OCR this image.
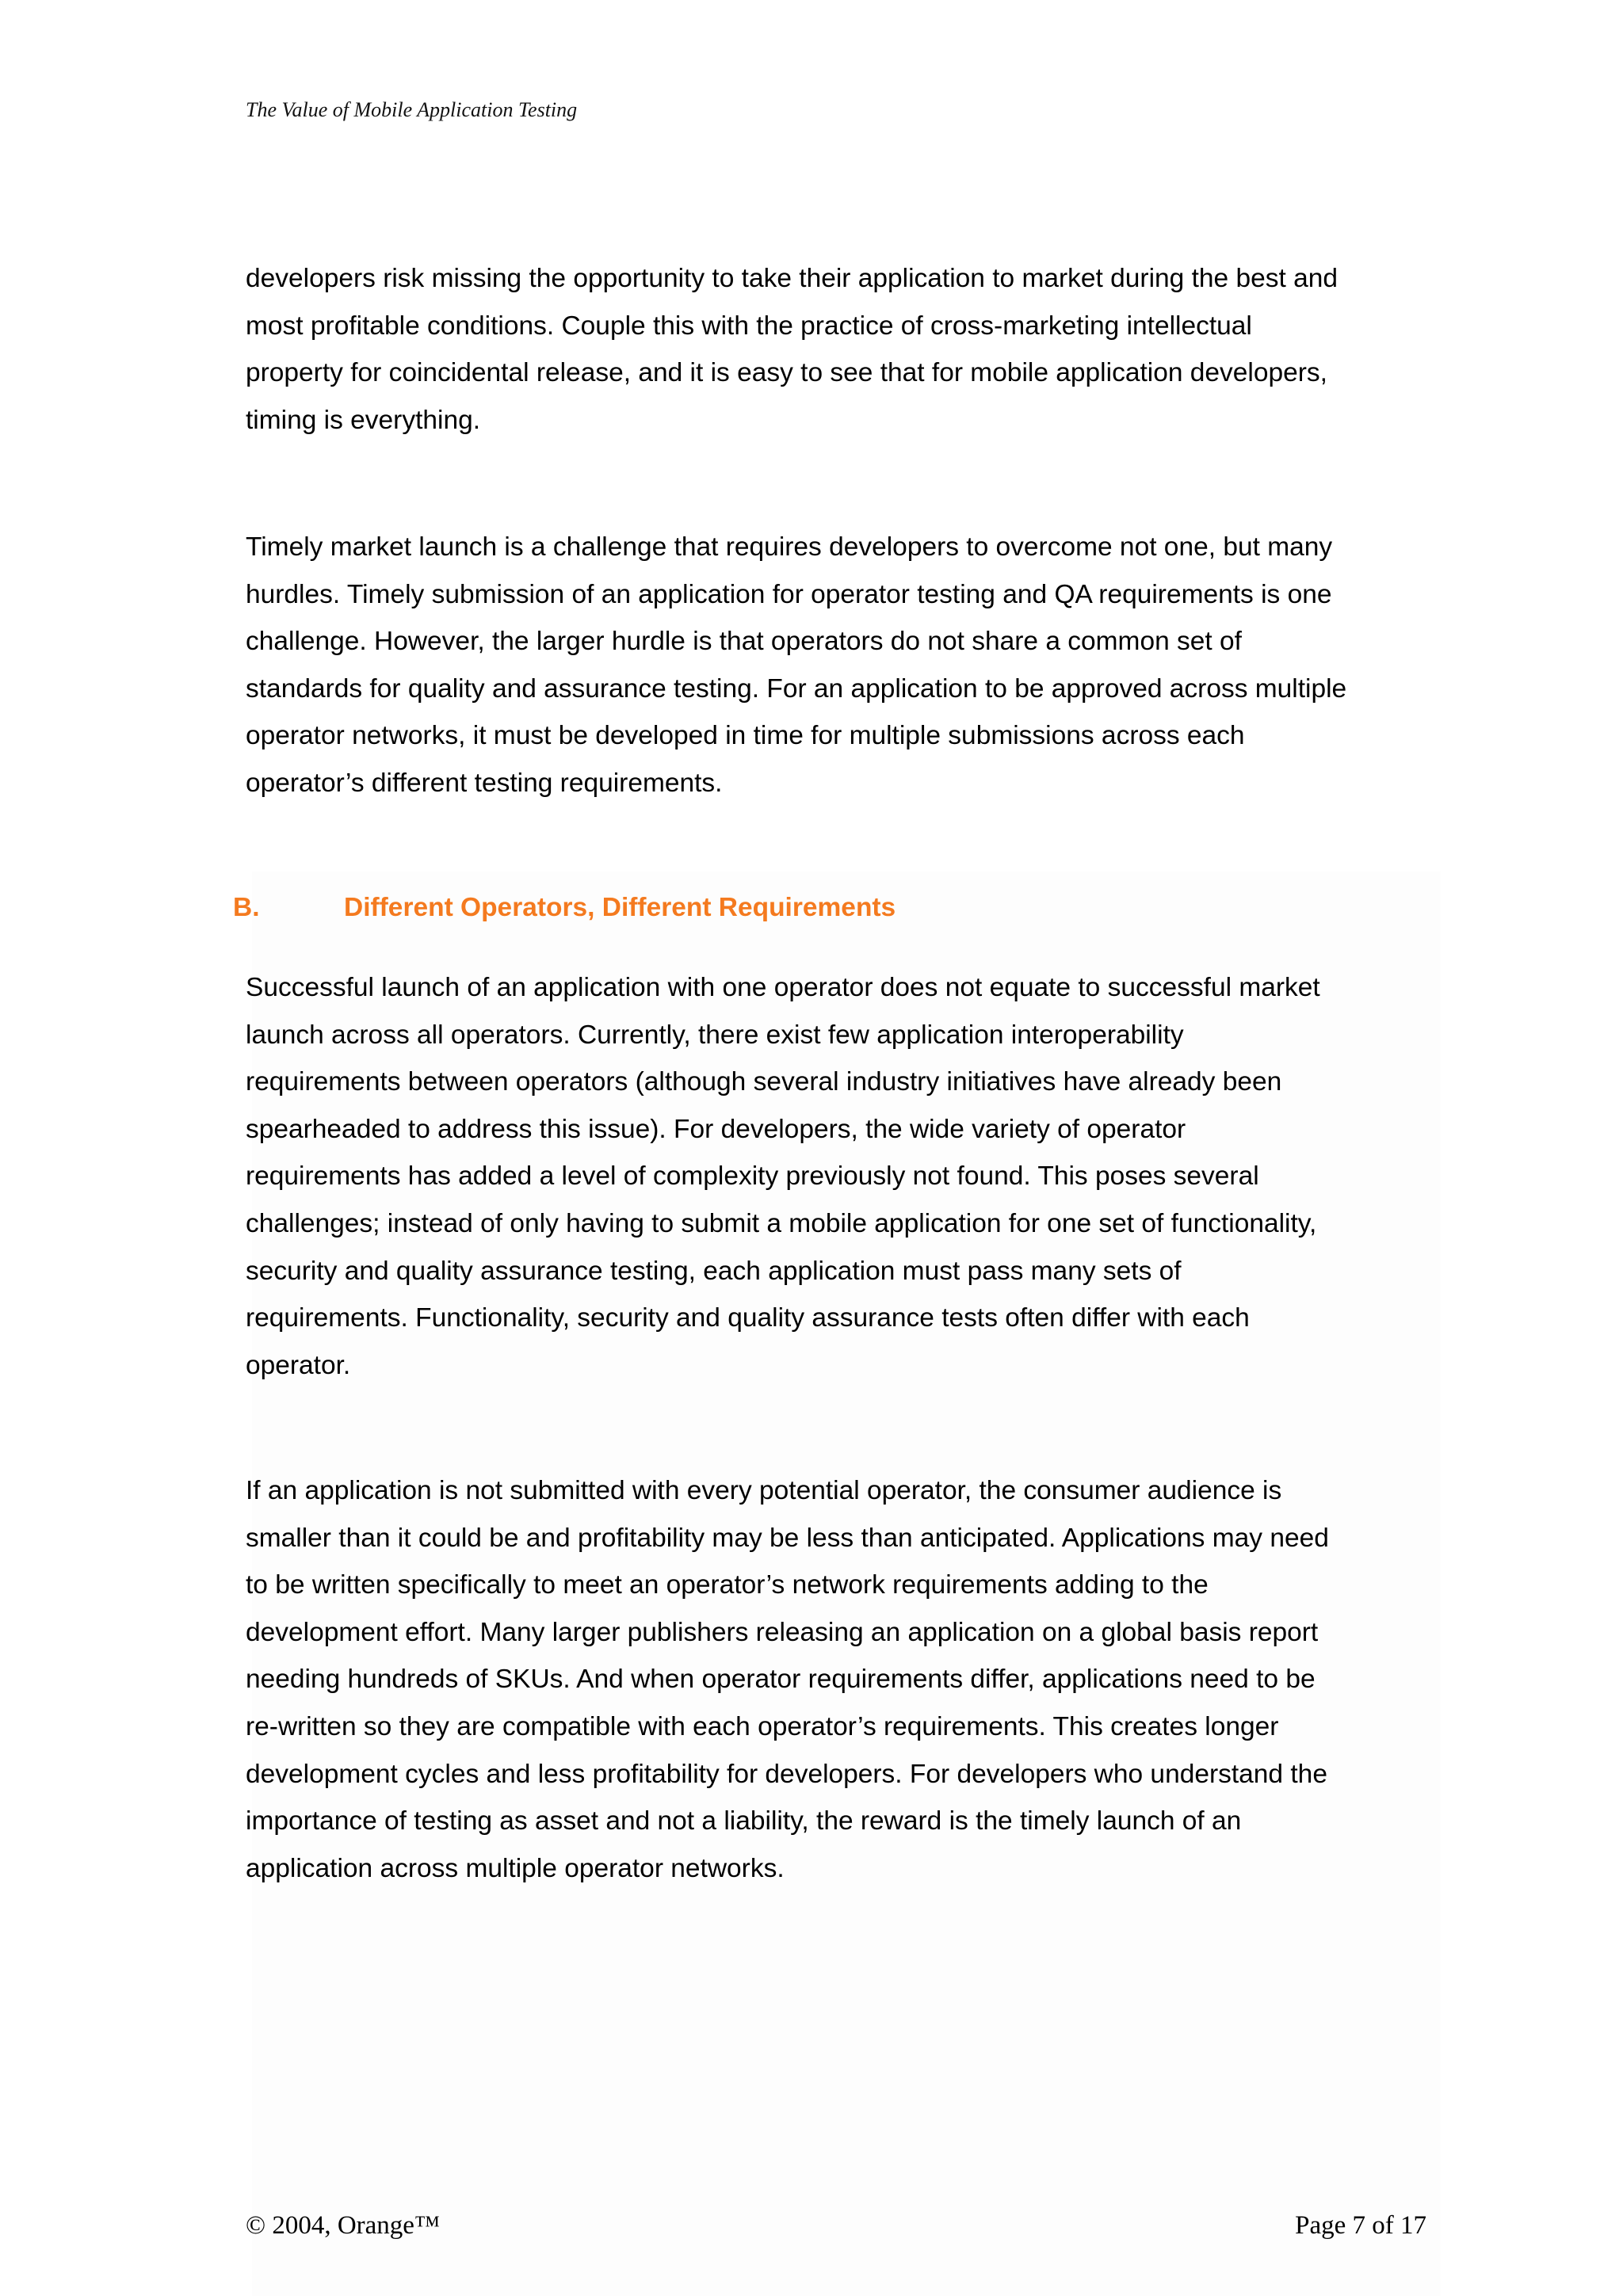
The Value of Mobile Application Testing
developers risk missing the opportunity to take their application to market during the best and
most profitable conditions. Couple this with the practice of cross-marketing intellectual
property for coincidental release, and it is easy to see that for mobile application developers,
timing is everything.
Timely market launch is a challenge that requires developers to overcome not one, but many
hurdles. Timely submission of an application for operator testing and QA requirements is one
challenge. However, the larger hurdle is that operators do not share a common set of
standards for quality and assurance testing. For an application to be approved across multiple
operator networks, it must be developed in time for multiple submissions across each
operator’s different testing requirements.
B.	Different Operators, Different Requirements
Successful launch of an application with one operator does not equate to successful market
launch across all operators. Currently, there exist few application interoperability
requirements between operators (although several industry initiatives have already been
spearheaded to address this issue). For developers, the wide variety of operator
requirements has added a level of complexity previously not found. This poses several
challenges; instead of only having to submit a mobile application for one set of functionality,
security and quality assurance testing, each application must pass many sets of
requirements. Functionality, security and quality assurance tests often differ with each
operator.
If an application is not submitted with every potential operator, the consumer audience is
smaller than it could be and profitability may be less than anticipated. Applications may need
to be written specifically to meet an operator’s network requirements adding to the
development effort. Many larger publishers releasing an application on a global basis report
needing hundreds of SKUs. And when operator requirements differ, applications need to be
re-written so they are compatible with each operator’s requirements. This creates longer
development cycles and less profitability for developers. For developers who understand the
importance of testing as asset and not a liability, the reward is the timely launch of an
application across multiple operator networks.
© 2004, Orange™	Page 7 of 17
